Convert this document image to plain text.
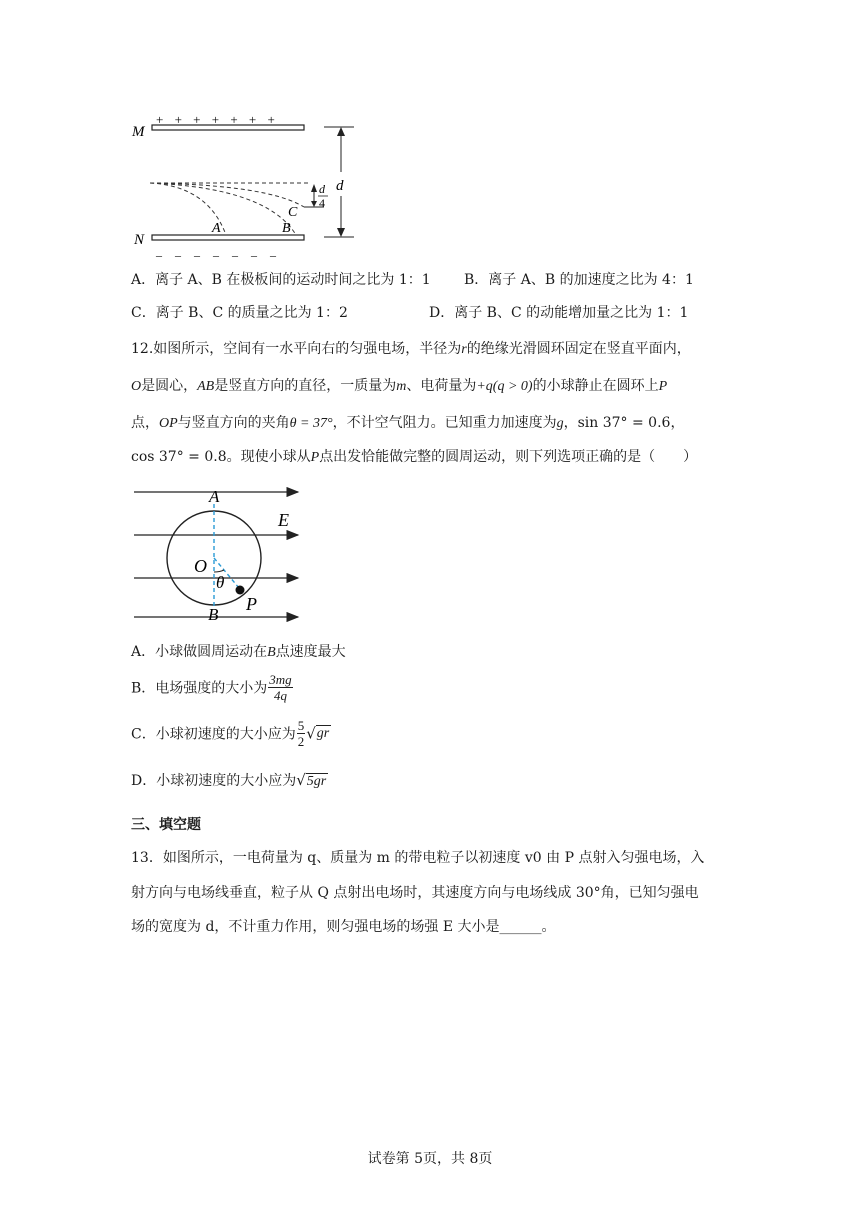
M
+ + + + + + +
N
– – – – – – –
A	B
C
d
d
4
A．离子 A、B 在极板间的运动时间之比为 1：1 B．离子 A、B 的加速度之比为 4：1
C．离子 B、C 的质量之比为 1：2	D．离子 B、C 的动能增加量之比为 1：1
12.如图所示，空间有一水平向右的匀强电场，半径为r的绝缘光滑圆环固定在竖直平面内，
O是圆心，AB是竖直方向的直径，一质量为m、电荷量为+q(q > 0)的小球静止在圆环上P
点，OP与竖直方向的夹角θ = 37°，不计空气阻力。已知重力加速度为g，sin 37° = 0.6，
cos 37° = 0.8。现使小球从P点出发恰能做完整的圆周运动，则下列选项正确的是（　　）
A
B
E
O
θ
P
A．小球做圆周运动在B点速度最大
B．电场强度的大小为 $\frac{3mg}{4q}$
C．小球初速度的大小应为 $\frac{5}{2} √gr$
D．小球初速度的大小应为√5gr
三、填空题
13．如图所示，一电荷量为 q、质量为 m 的带电粒子以初速度 v0 由 P 点射入匀强电场，入
射方向与电场线垂直，粒子从 Q 点射出电场时，其速度方向与电场线成 30°角，已知匀强电
场的宽度为 d，不计重力作用，则匀强电场的场强 E 大小是______。
试卷第 5页，共 8页
